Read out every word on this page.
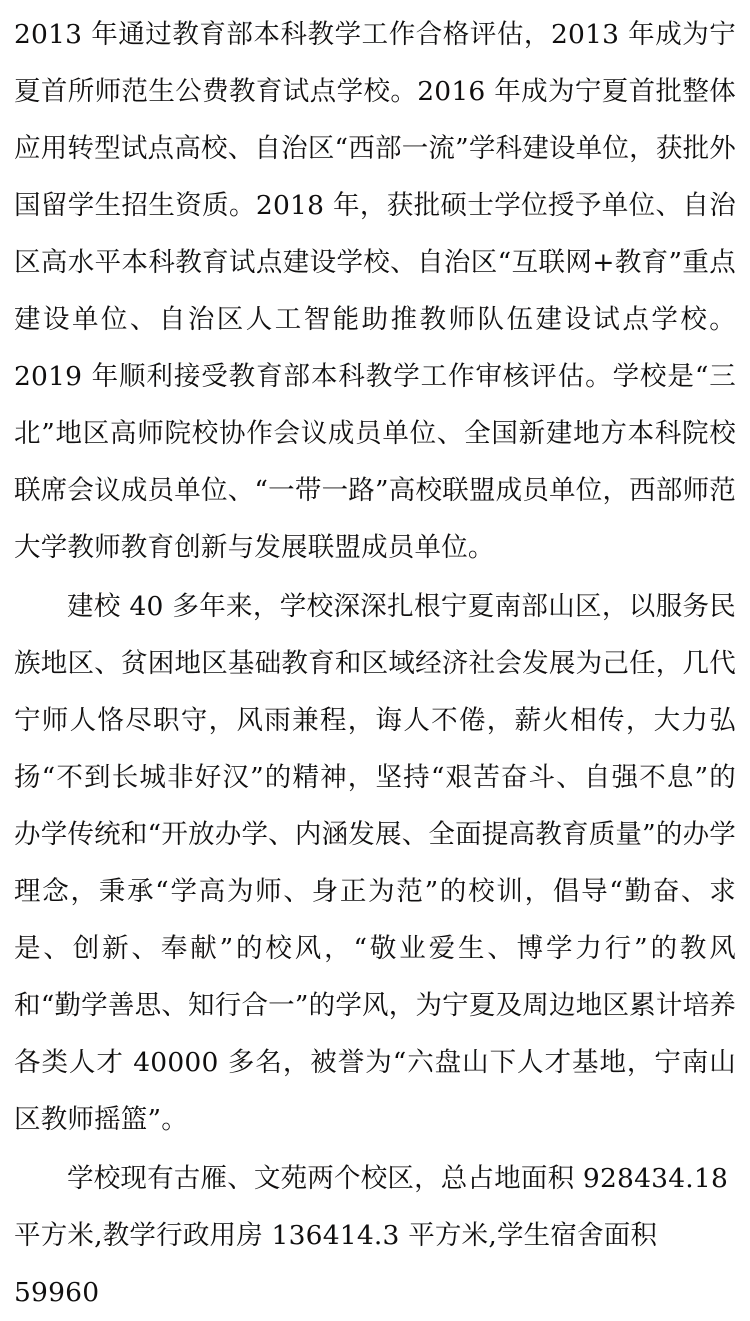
2013 年通过教育部本科教学工作合格评估，2013 年成为宁夏首所师范生公费教育试点学校。2016 年成为宁夏首批整体应用转型试点高校、自治区“西部一流”学科建设单位，获批外国留学生招生资质。2018 年，获批硕士学位授予单位、自治区高水平本科教育试点建设学校、自治区“互联网+教育”重点建设单位、自治区人工智能助推教师队伍建设试点学校。2019 年顺利接受教育部本科教学工作审核评估。学校是“三北”地区高师院校协作会议成员单位、全国新建地方本科院校联席会议成员单位、“一带一路”高校联盟成员单位，西部师范大学教师教育创新与发展联盟成员单位。

建校 40 多年来，学校深深扎根宁夏南部山区，以服务民族地区、贫困地区基础教育和区域经济社会发展为己任，几代宁师人恪尽职守，风雨兼程，诲人不倦，薪火相传，大力弘扬“不到长城非好汉”的精神，坚持“艰苦奋斗、自强不息”的办学传统和“开放办学、内涵发展、全面提高教育质量”的办学理念，秉承“学高为师、身正为范”的校训，倡导“勤奋、求是、创新、奉献”的校风，“敬业爱生、博学力行”的教风和“勤学善思、知行合一”的学风，为宁夏及周边地区累计培养各类人才 40000 多名，被誉为“六盘山下人才基地，宁南山区教师摇篮”。

学校现有古雁、文苑两个校区，总占地面积 928434.18 平方米,教学行政用房 136414.3 平方米,学生宿舍面积 59960
